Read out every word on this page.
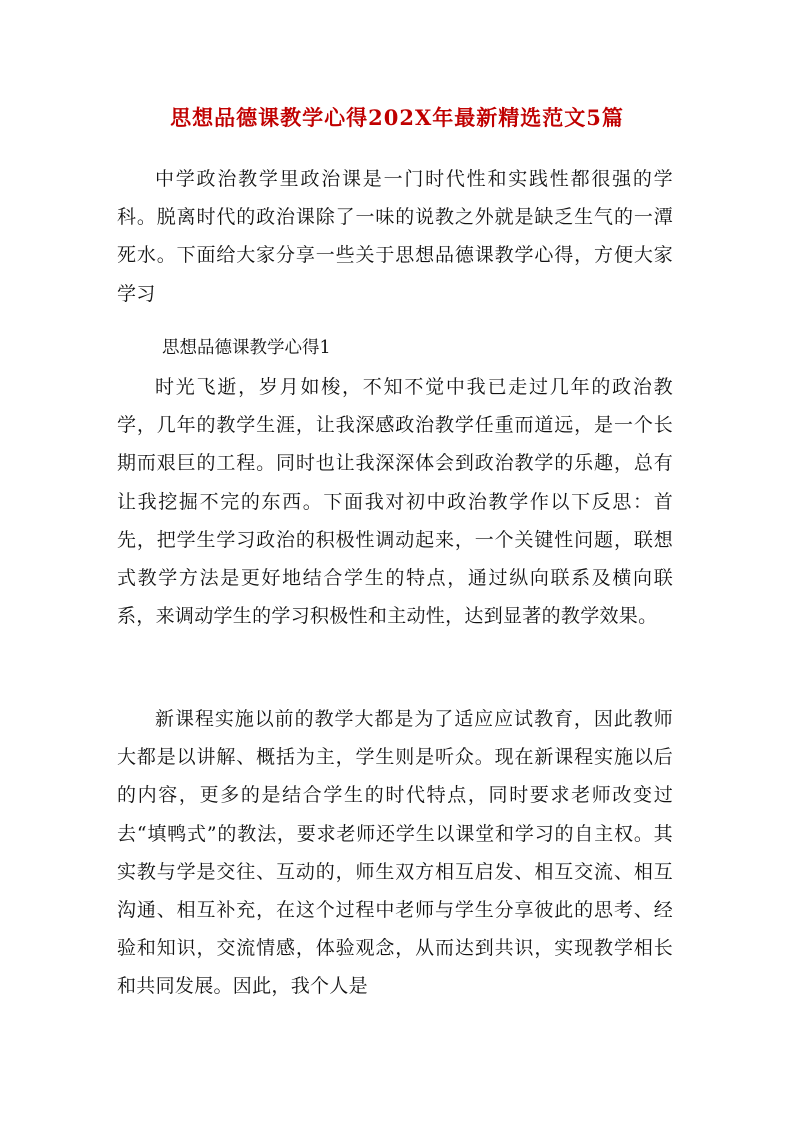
思想品德课教学心得202X年最新精选范文5篇

中学政治教学里政治课是一门时代性和实践性都很强的学科。脱离时代的政治课除了一味的说教之外就是缺乏生气的一潭死水。下面给大家分享一些关于思想品德课教学心得，方便大家学习

思想品德课教学心得1

时光飞逝，岁月如梭，不知不觉中我已走过几年的政治教学，几年的教学生涯，让我深感政治教学任重而道远，是一个长期而艰巨的工程。同时也让我深深体会到政治教学的乐趣，总有让我挖掘不完的东西。下面我对初中政治教学作以下反思：首先，把学生学习政治的积极性调动起来，一个关键性问题，联想式教学方法是更好地结合学生的特点，通过纵向联系及横向联系，来调动学生的学习积极性和主动性，达到显著的教学效果。

新课程实施以前的教学大都是为了适应应试教育，因此教师大都是以讲解、概括为主，学生则是听众。现在新课程实施以后的内容，更多的是结合学生的时代特点，同时要求老师改变过去“填鸭式”的教法，要求老师还学生以课堂和学习的自主权。其实教与学是交往、互动的，师生双方相互启发、相互交流、相互沟通、相互补充，在这个过程中老师与学生分享彼此的思考、经验和知识，交流情感，体验观念，从而达到共识，实现教学相长和共同发展。因此，我个人是
